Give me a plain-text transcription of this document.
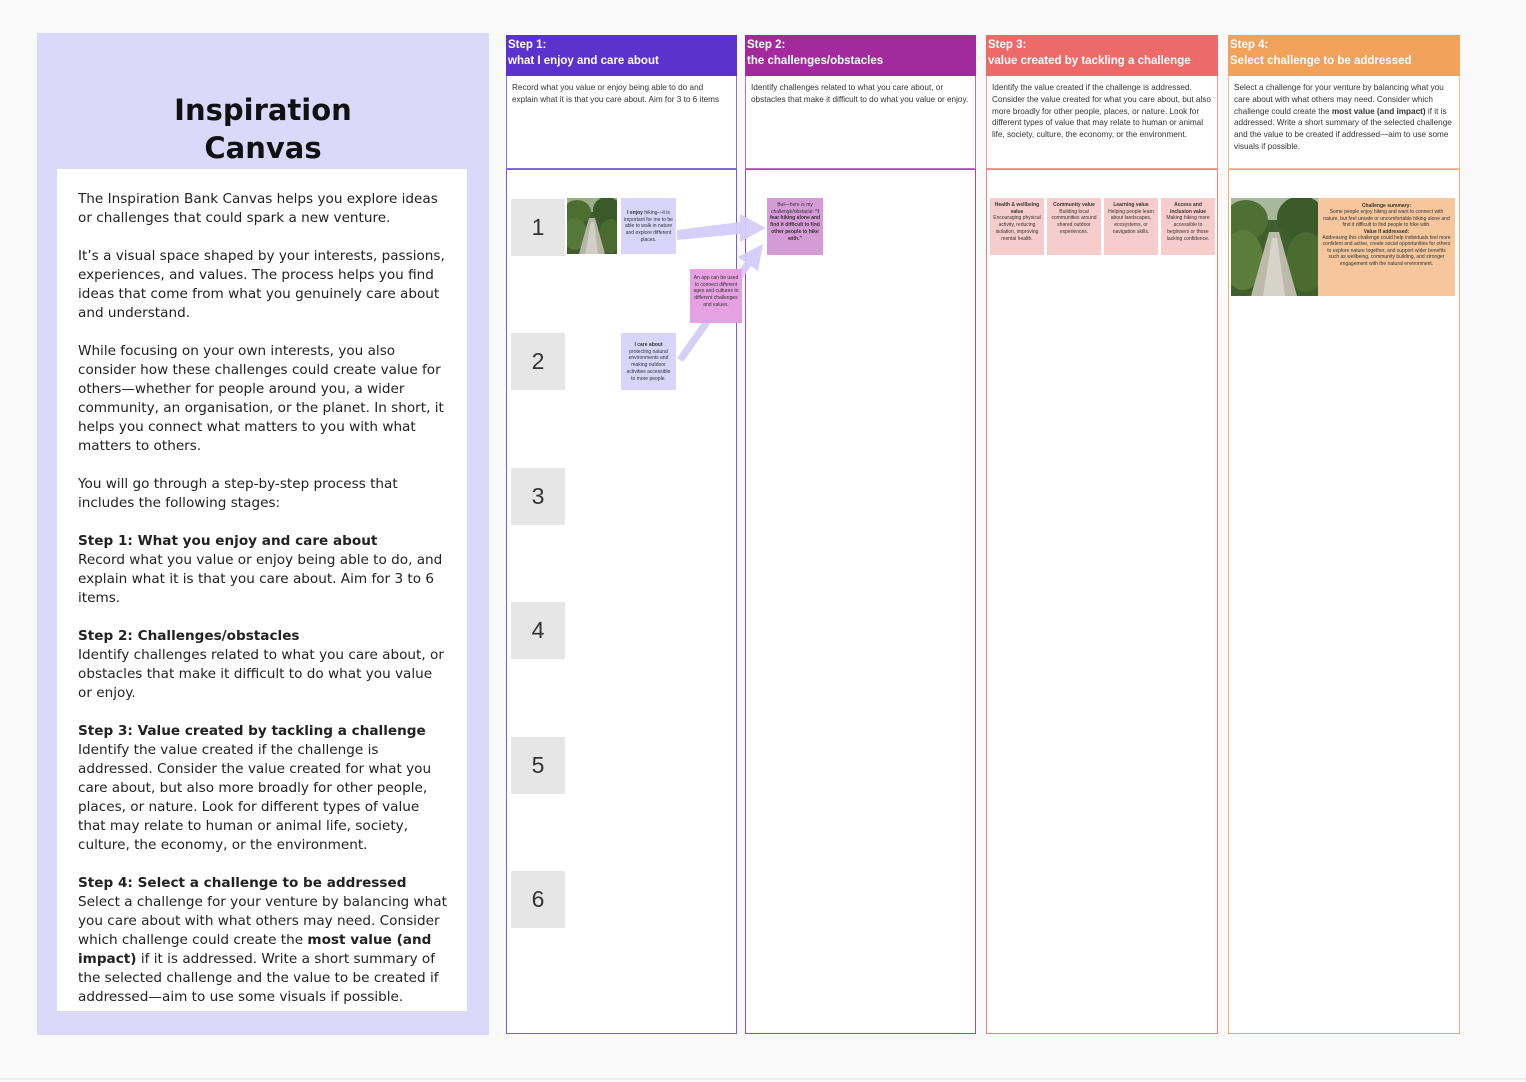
Inspiration
Canvas

The Inspiration Bank Canvas helps you explore ideas or challenges that could spark a new venture.

It’s a visual space shaped by your interests, passions, experiences, and values. The process helps you find ideas that come from what you genuinely care about and understand.

While focusing on your own interests, you also consider how these challenges could create value for others—whether for people around you, a wider community, an organisation, or the planet. In short, it helps you connect what matters to you with what matters to others.

You will go through a step-by-step process that includes the following stages:

Step 1: What you enjoy and care about
Record what you value or enjoy being able to do, and explain what it is that you care about. Aim for 3 to 6 items.

Step 2: Challenges/obstacles
Identify challenges related to what you care about, or obstacles that make it difficult to do what you value or enjoy.

Step 3: Value created by tackling a challenge
Identify the value created if the challenge is addressed. Consider the value created for what you care about, but also more broadly for other people, places, or nature. Look for different types of value that may relate to human or animal life, society, culture, the economy, or the environment.

Step 4: Select a challenge to be addressed
Select a challenge for your venture by balancing what you care about with what others may need. Consider which challenge could create the most value (and impact) if it is addressed. Write a short summary of the selected challenge and the value to be created if addressed—aim to use some visuals if possible.

Step 1:
what I enjoy and care about
Step 2:
the challenges/obstacles
Step 3:
value created by tackling a challenge
Step 4:
Select challenge to be addressed
Record what you value or enjoy being able to do and explain what it is that you care about. Aim for 3 to 6 items
Identify challenges related to what you care about, or obstacles that make it difficult to do what you value or enjoy.
Identify the value created if the challenge is addressed. Consider the value created for what you care about, but also more broadly for other people, places, or nature. Look for different types of value that may relate to human or animal life, society, culture, the economy, or the environment.
Select a challenge for your venture by balancing what you care about with what others may need. Consider which challenge could create the most value (and impact) if it is addressed. Write a short summary of the selected challenge and the value to be created if addressed—aim to use some visuals if possible.
1
2
3
4
5
6
I enjoy hiking—it is important for me to be able to walk in nature and explore different places.
I care about
protecting natural environments and making outdoor activities accessible to more people.
An app can be used to connect different ages and cultures to different challenges and values.
But—here is my challenge/obstacle: “I fear hiking alone and find it difficult to find other people to hike with.”
Health & wellbeing value
Encouraging physical activity, reducing isolation, improving mental health.
Community value
Building local communities around shared outdoor experiences.
Learning value
Helping people learn about landscapes, ecosystems, or navigation skills.
Access and inclusion value
Making hiking more accessible to beginners or those lacking confidence.
Challenge summary:
Some people enjoy hiking and want to connect with nature, but feel unsafe or uncomfortable hiking alone and find it difficult to find people to hike with.
Value if addressed:
Addressing this challenge could help individuals feel more confident and active, create social opportunities for others to explore nature together, and support wider benefits such as wellbeing, community building, and stronger engagement with the natural environment.
